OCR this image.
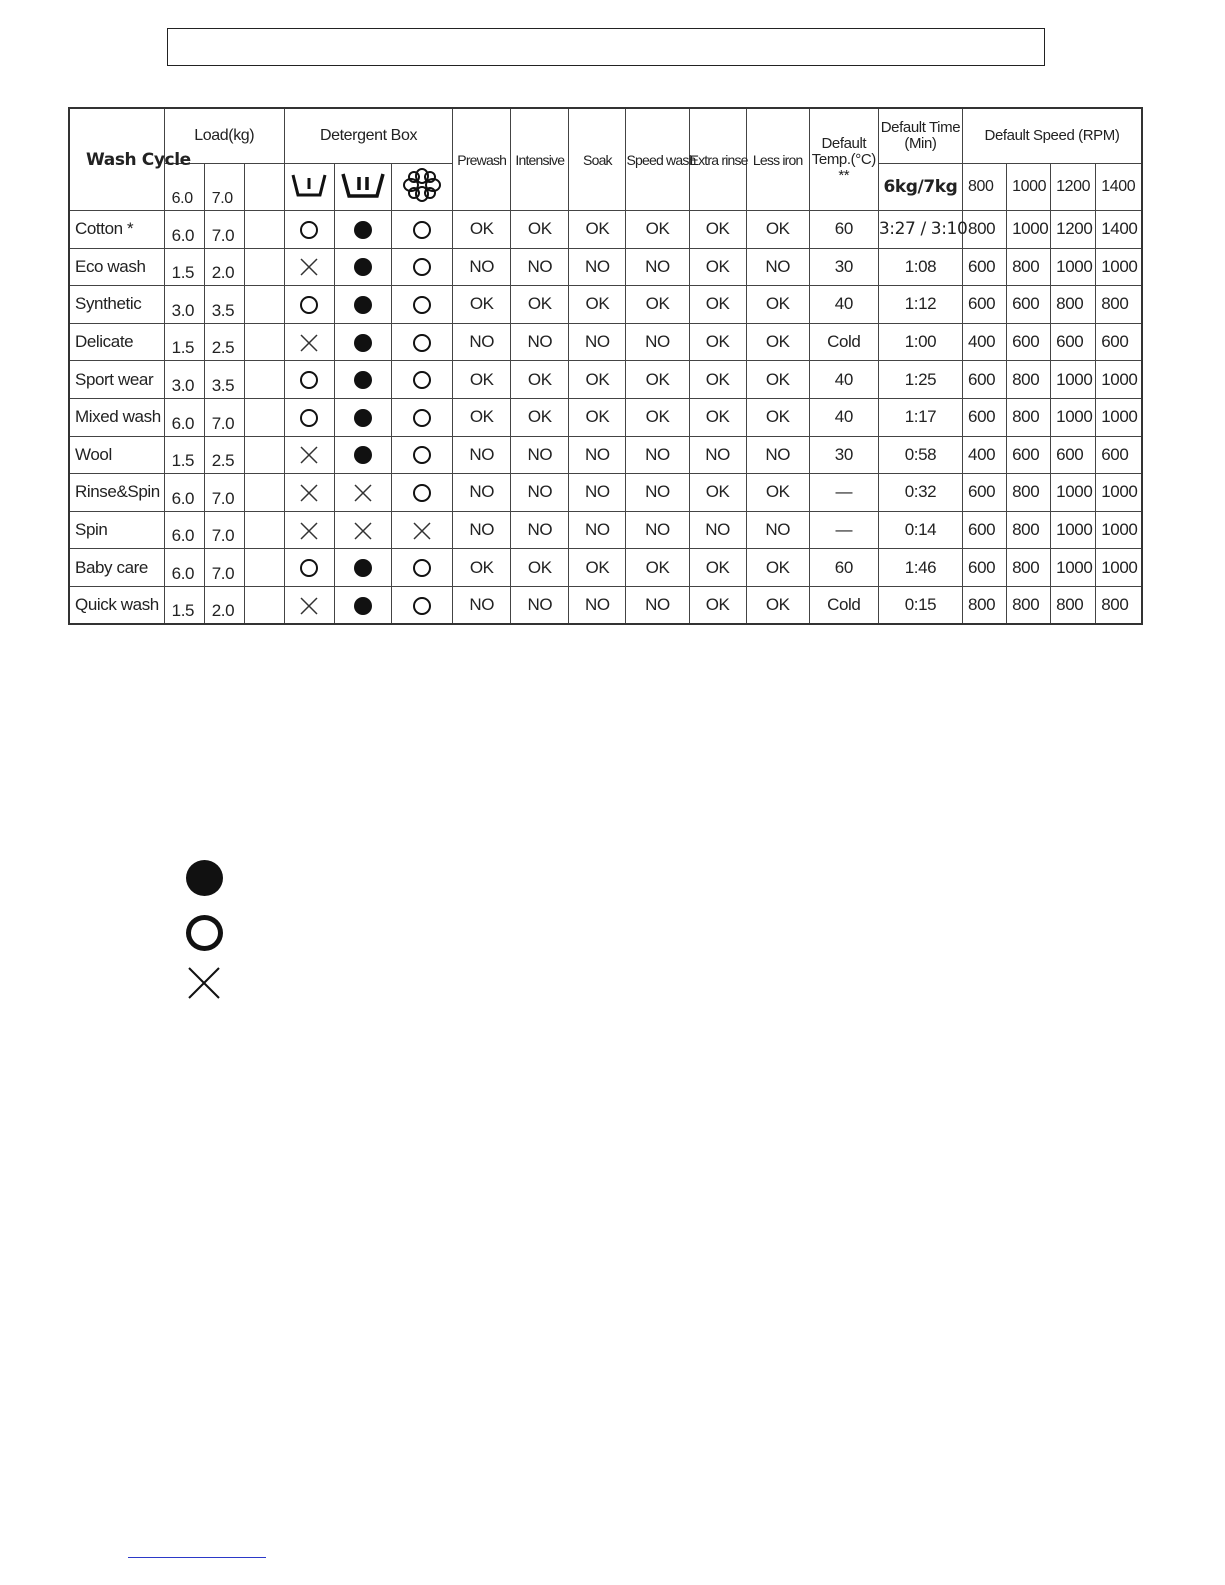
Wash Cycle	Load(kg)			Detergent Box			Prewash	Intensive	Soak	Speed wash	Extra rinse	Less iron	Default Temp.(°C) **	Default Time (Min)	Default Speed (RPM)			
	6.0	7.0												6kg/7kg	800	1000	1200	1400
Cotton *	6.0	7.0					OK	OK	OK	OK	OK	OK	60	3:27 / 3:10	800	1000	1200	1400
Eco wash	1.5	2.0					NO	NO	NO	NO	OK	NO	30	1:08	600	800	1000	1000
Synthetic	3.0	3.5					OK	OK	OK	OK	OK	OK	40	1:12	600	600	800	800
Delicate	1.5	2.5					NO	NO	NO	NO	OK	OK	Cold	1:00	400	600	600	600
Sport wear	3.0	3.5					OK	OK	OK	OK	OK	OK	40	1:25	600	800	1000	1000
Mixed wash	6.0	7.0					OK	OK	OK	OK	OK	OK	40	1:17	600	800	1000	1000
Wool	1.5	2.5					NO	NO	NO	NO	NO	NO	30	0:58	400	600	600	600
Rinse&Spin	6.0	7.0					NO	NO	NO	NO	OK	OK	—	0:32	600	800	1000	1000
Spin	6.0	7.0					NO	NO	NO	NO	NO	NO	—	0:14	600	800	1000	1000
Baby care	6.0	7.0					OK	OK	OK	OK	OK	OK	60	1:46	600	800	1000	1000
Quick wash	1.5	2.0					NO	NO	NO	NO	OK	OK	Cold	0:15	800	800	800	800
